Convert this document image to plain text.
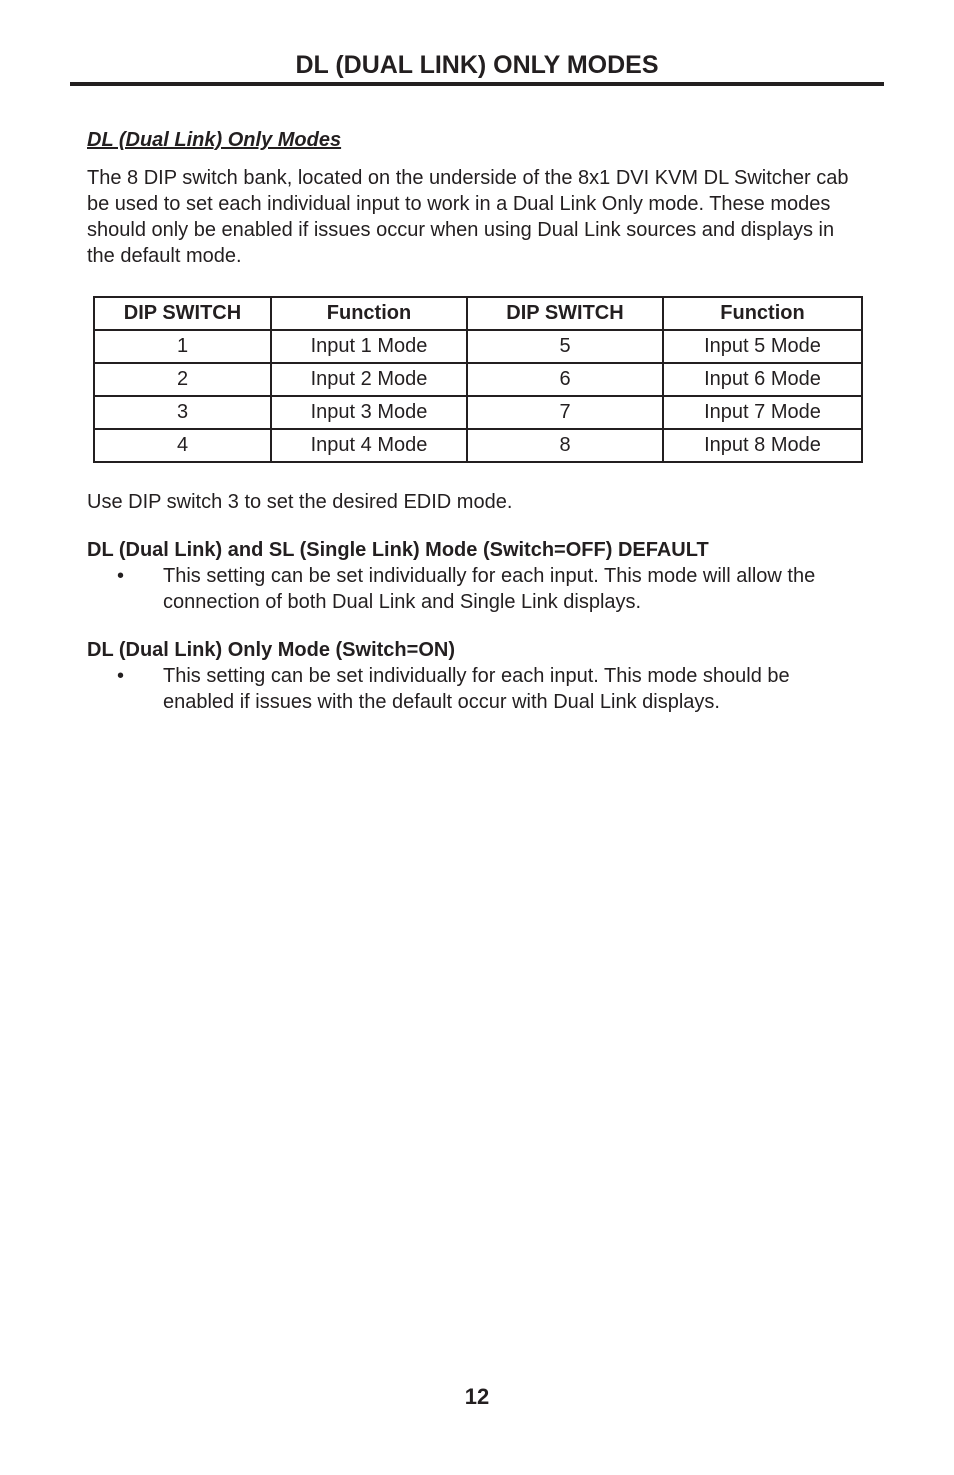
DL (DUAL LINK) ONLY MODES
DL (Dual Link) Only Modes

The 8 DIP switch bank, located on the underside of the 8x1 DVI KVM DL Switcher cab be used to set each individual input to work in a Dual Link Only mode. These modes should only be enabled if issues occur when using Dual Link sources and displays in the default mode.

DIP SWITCH	Function	DIP SWITCH	Function
1	Input 1 Mode	5	Input 5 Mode
2	Input 2 Mode	6	Input 6 Mode
3	Input 3 Mode	7	Input 7 Mode
4	Input 4 Mode	8	Input 8 Mode

Use DIP switch 3 to set the desired EDID mode.

DL (Dual Link) and SL (Single Link) Mode (Switch=OFF) DEFAULT
• This setting can be set individually for each input. This mode will allow the connection of both Dual Link and Single Link displays.

DL (Dual Link) Only Mode (Switch=ON)
• This setting can be set individually for each input. This mode should be enabled if issues with the default occur with Dual Link displays.

12
